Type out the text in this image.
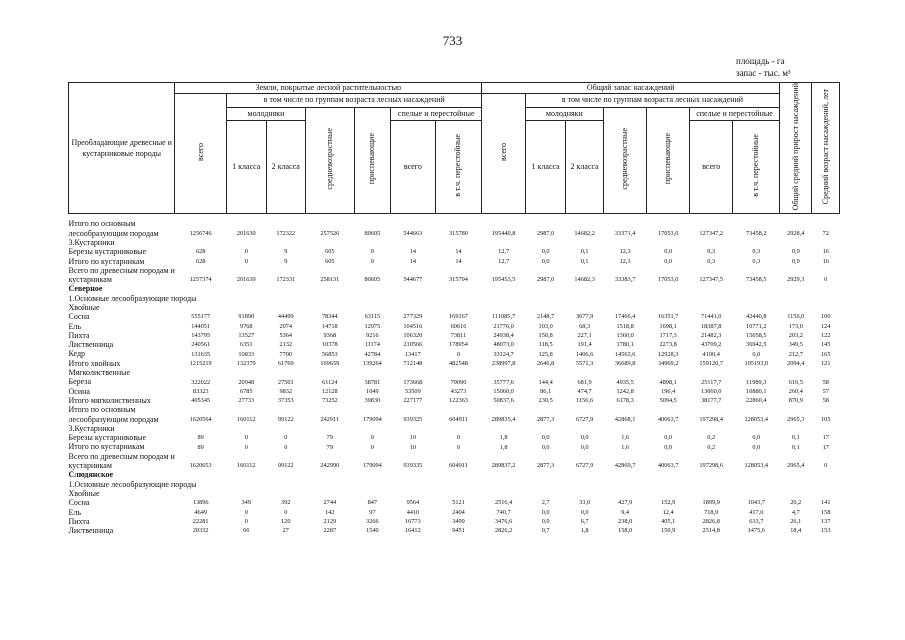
733
площадь - га
запас - тыс. м³
Преобладающие древесные и кустарниковые породы	Земли, покрытые лесной растительностью							Общий запас насаждений							Общий средний прирост насаждений	Средний возраст насаждений, лет
	всего	в том числе по группам возраста лесных насаждений						всего	в том числе по группам возраста лесных насаждений							
		молодняки		средневозрастные	приспевающие	спелые и перестойные			молодняки		средневозрастные	приспевающие	спелые и перестойные			
		1 класса	2 класса			всего	в т.ч. перестойные		1 класса	2 класса			всего	в т.ч. перестойные		
Итого по основным лесообразующим породам	1256746	201630	172322	257526	80605	544663	315780	195440,8	2987,0	14682,2	33371,4	17053,0	127347,2	73458,2	2928,4	72
3.Кустарники																
Березы кустарниковые	628	0	9	605	0	14	14	12,7	0,0	0,1	12,3	0,0	0,3	0,3	0,9	16
Итого по кустарникам	628	0	9	605	0	14	14	12,7	0,0	0,1	12,3	0,0	0,3	0,3	0,9	16
Всего по древесным породам и кустарникам	1257374	201630	172331	258131	80605	544677	315794	195453,5	2987,0	14682,3	33383,7	17053,0	127347,5	73458,5	2929,3	0
Северное																
1.Основные лесообразующие породы																
Хвойные																
Сосна	555177	91890	44499	78344	63115	277329	169167	111085,7	2148,7	3677,9	17466,4	16351,7	71441,0	42440,8	1156,0	100
Ель	144051	9768	2074	14718	12975	104516	60616	21776,0	103,0	68,3	1518,8	1698,1	18387,8	10771,2	173,0	124
Пихта	143795	13527	5364	9368	9216	106320	73811	24938,4	150,8	227,1	1360,0	1717,3	21482,3	15058,5	203,2	122
Лиственница	240561	6351	2132	10378	11174	210566	178954	48073,0	118,5	191,4	1780,1	2273,8	43709,2	36942,5	349,5	145
Кедр	131635	10833	7700	56853	42784	13417	0	33124,7	125,8	1406,6	14563,6	12928,3	4100,4	0,0	212,7	165
Итого хвойных	1215219	132379	61769	169659	139264	712148	482548	238997,8	2646,8	5571,3	36689,8	34969,2	159120,7	105193,0	2094,4	121
Мягколиственные																
Береза	322022	20948	27501	61124	38781	173668	79090	35777,6	144,4	681,9	4935,5	4898,1	25117,7	11989,3	610,5	58
Осина	83323	6785	9832	12128	1049	53509	43273	15060,0	86,1	474,7	1242,8	196,4	13060,0	10880,1	260,4	57
Итого мягколиственных	405345	27733	37353	73252	39830	227177	122363	50837,6	230,5	1156,6	6178,3	5094,5	38177,7	22860,4	870,9	58
Итого по основным лесообразующим породам	1620564	160112	99122	242911	179094	939325	604911	289835,4	2877,3	6727,9	42868,1	40063,7	197298,4	128053,4	2965,3	105
3.Кустарники																
Березы кустарниковые	89	0	0	79	0	10	0	1,8	0,0	0,0	1,6	0,0	0,2	0,0	0,1	17
Итого по кустарникам	89	0	0	79	0	10	0	1,8	0,0	0,0	1,6	0,0	0,2	0,0	0,1	17
Всего по древесным породам и кустарникам	1620653	160112	99122	242990	179094	939335	604911	289837,2	2877,3	6727,9	42869,7	40063,7	197298,6	128053,4	2965,4	0
Слюдянское																
1.Основные лесообразующие породы																
Хвойные																
Сосна	13896	349	392	2744	847	9564	5121	2516,4	2,7	33,0	427,9	152,9	1899,9	1043,7	20,2	141
Ель	4649	0	0	142	97	4410	2404	740,7	0,0	0,0	9,4	12,4	718,9	417,0	4,7	158
Пихта	22281	0	120	2129	3266	16773	3409	3476,6	0,0	6,7	238,0	405,1	2826,8	633,7	26,1	137
Лиственница	20332	66	27	2287	1540	16412	9451	2826,2	0,7	1,8	158,0	150,9	2514,8	1475,6	18,4	153
